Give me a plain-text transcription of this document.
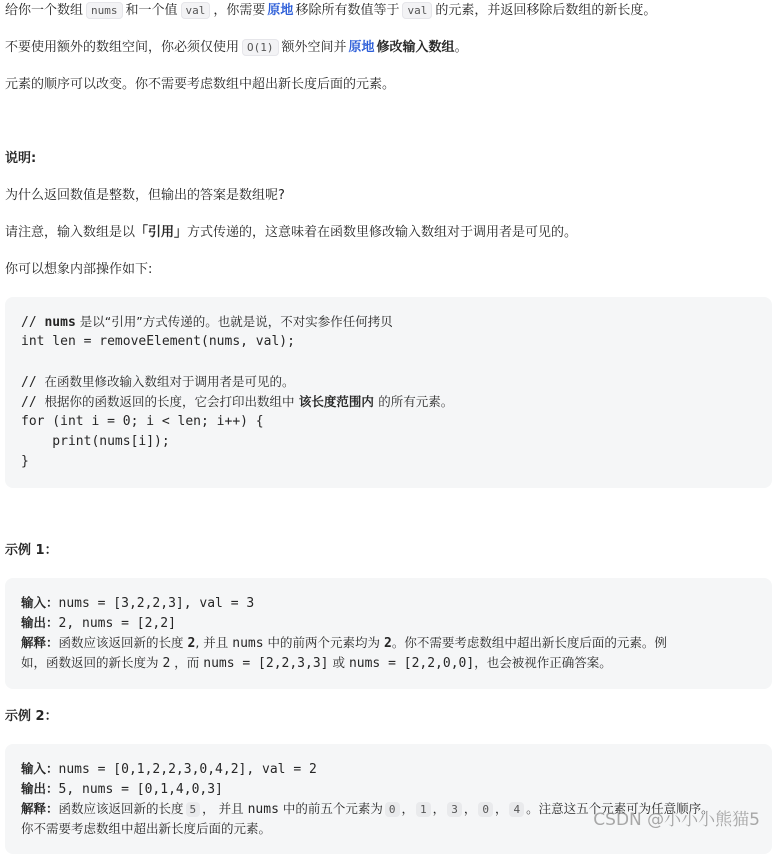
给你一个数组 nums 和一个值 val ，你需要 原地 移除所有数值等于 val 的元素，并返回移除后数组的新长度。
不要使用额外的数组空间，你必须仅使用 O(1) 额外空间并 原地 修改输入数组。
元素的顺序可以改变。你不需要考虑数组中超出新长度后面的元素。
说明:
为什么返回数值是整数，但输出的答案是数组呢?
请注意，输入数组是以「引用」方式传递的，这意味着在函数里修改输入数组对于调用者是可见的。
你可以想象内部操作如下:
// nums 是以“引用”方式传递的。也就是说，不对实参作任何拷贝
int len = removeElement(nums, val);
// 在函数里修改输入数组对于调用者是可见的。
// 根据你的函数返回的长度，它会打印出数组中 该长度范围内 的所有元素。
for (int i = 0; i < len; i++) {
print(nums[i]);
}
示例 1：
输入：nums = [3,2,2,3], val = 3
输出：2, nums = [2,2]
解释：函数应该返回新的长度 2, 并且 nums 中的前两个元素均为 2。你不需要考虑数组中超出新长度后面的元素。例
如，函数返回的新长度为 2 ，而 nums = [2,2,3,3] 或 nums = [2,2,0,0]，也会被视作正确答案。
示例 2：
输入：nums = [0,1,2,2,3,0,4,2], val = 2
输出：5, nums = [0,1,4,0,3]
解释：函数应该返回新的长度 5 ， 并且 nums 中的前五个元素为 0 ， 1 ， 3 ， 0 ， 4 。注意这五个元素可为任意顺序。
你不需要考虑数组中超出新长度后面的元素。	CSDN @小小小熊猫5
